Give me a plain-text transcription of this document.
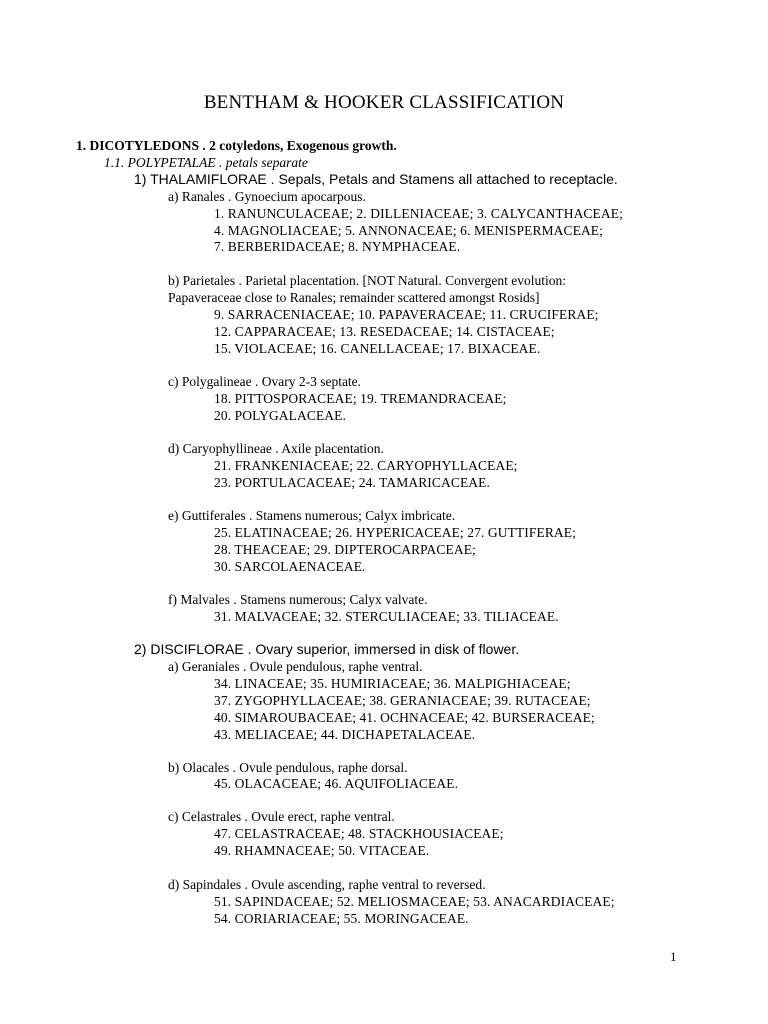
BENTHAM & HOOKER CLASSIFICATION
1. DICOTYLEDONS . 2 cotyledons, Exogenous growth.
1.1. POLYPETALAE . petals separate
1) THALAMIFLORAE . Sepals, Petals and Stamens all attached to receptacle.
a) Ranales . Gynoecium apocarpous.
1. RANUNCULACEAE; 2. DILLENIACEAE; 3. CALYCANTHACEAE;
4. MAGNOLIACEAE; 5. ANNONACEAE; 6. MENISPERMACEAE;
7. BERBERIDACEAE; 8. NYMPHACEAE.
b) Parietales . Parietal placentation. [NOT Natural. Convergent evolution:
Papaveraceae close to Ranales; remainder scattered amongst Rosids]
9. SARRACENIACEAE; 10. PAPAVERACEAE; 11. CRUCIFERAE;
12. CAPPARACEAE; 13. RESEDACEAE; 14. CISTACEAE;
15. VIOLACEAE; 16. CANELLACEAE; 17. BIXACEAE.
c) Polygalineae . Ovary 2-3 septate.
18. PITTOSPORACEAE; 19. TREMANDRACEAE;
20. POLYGALACEAE.
d) Caryophyllineae . Axile placentation.
21. FRANKENIACEAE; 22. CARYOPHYLLACEAE;
23. PORTULACACEAE; 24. TAMARICACEAE.
e) Guttiferales . Stamens numerous; Calyx imbricate.
25. ELATINACEAE; 26. HYPERICACEAE; 27. GUTTIFERAE;
28. THEACEAE; 29. DIPTEROCARPACEAE;
30. SARCOLAENACEAE.
f) Malvales . Stamens numerous; Calyx valvate.
31. MALVACEAE; 32. STERCULIACEAE; 33. TILIACEAE.
2) DISCIFLORAE . Ovary superior, immersed in disk of flower.
a) Geraniales . Ovule pendulous, raphe ventral.
34. LINACEAE; 35. HUMIRIACEAE; 36. MALPIGHIACEAE;
37. ZYGOPHYLLACEAE; 38. GERANIACEAE; 39. RUTACEAE;
40. SIMAROUBACEAE; 41. OCHNACEAE; 42. BURSERACEAE;
43. MELIACEAE; 44. DICHAPETALACEAE.
b) Olacales . Ovule pendulous, raphe dorsal.
45. OLACACEAE; 46. AQUIFOLIACEAE.
c) Celastrales . Ovule erect, raphe ventral.
47. CELASTRACEAE; 48. STACKHOUSIACEAE;
49. RHAMNACEAE; 50. VITACEAE.
d) Sapindales . Ovule ascending, raphe ventral to reversed.
51. SAPINDACEAE; 52. MELIOSMACEAE; 53. ANACARDIACEAE;
54. CORIARIACEAE; 55. MORINGACEAE.
1
